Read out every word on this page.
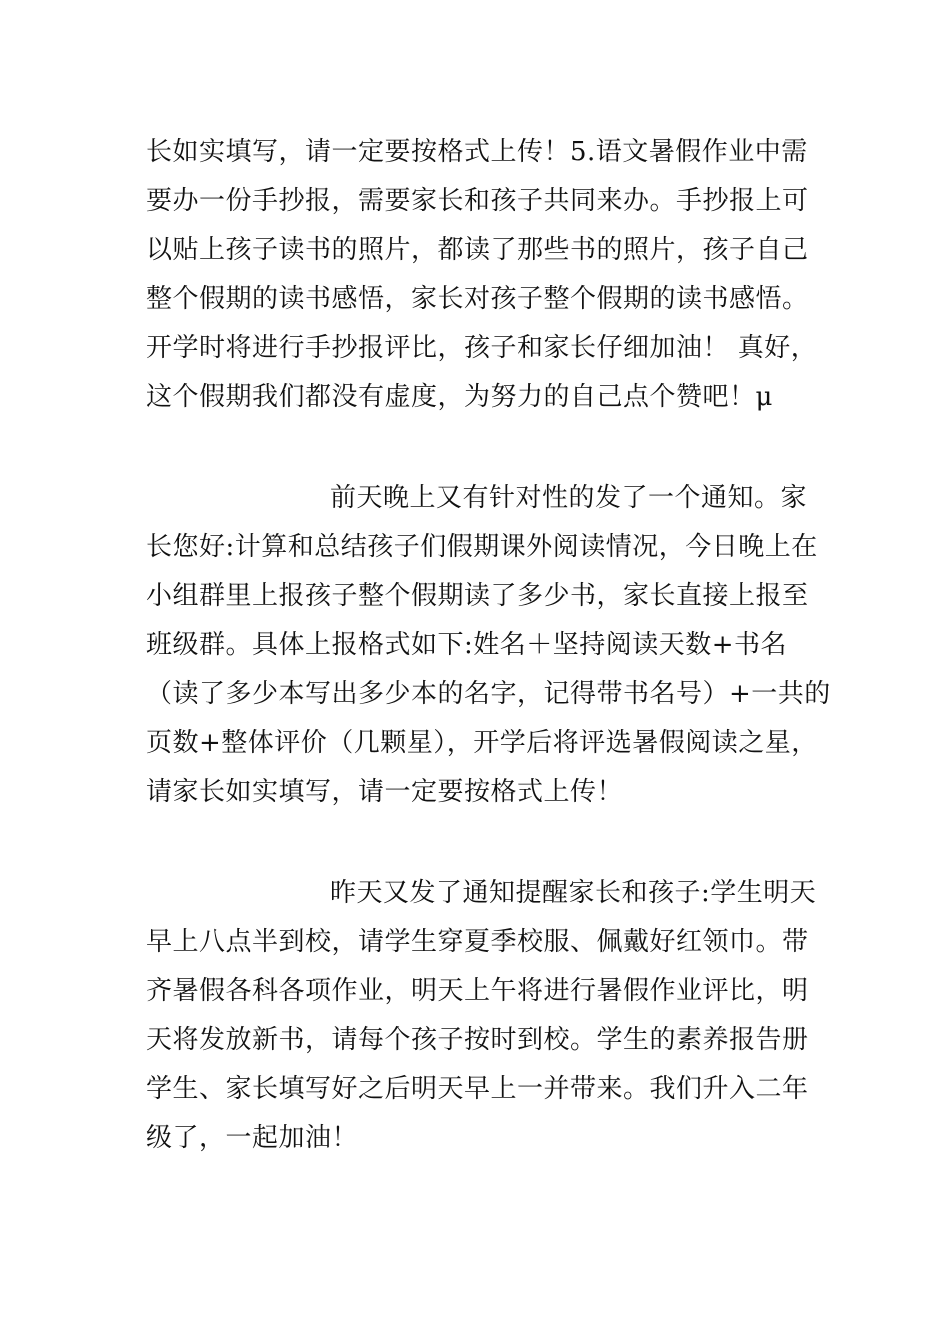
长如实填写，请一定要按格式上传！5.语文暑假作业中需
要办一份手抄报，需要家长和孩子共同来办。手抄报上可
以贴上孩子读书的照片，都读了那些书的照片，孩子自己
整个假期的读书感悟，家长对孩子整个假期的读书感悟。
开学时将进行手抄报评比，孩子和家长仔细加油！ 真好，
这个假期我们都没有虚度，为努力的自己点个赞吧！μ
前天晚上又有针对性的发了一个通知。家
长您好:计算和总结孩子们假期课外阅读情况，今日晚上在
小组群里上报孩子整个假期读了多少书，家长直接上报至
班级群。具体上报格式如下:姓名＋坚持阅读天数+书名
（读了多少本写出多少本的名字，记得带书名号）+一共的
页数+整体评价（几颗星），开学后将评选暑假阅读之星，
请家长如实填写，请一定要按格式上传！
昨天又发了通知提醒家长和孩子:学生明天
早上八点半到校，请学生穿夏季校服、佩戴好红领巾。带
齐暑假各科各项作业，明天上午将进行暑假作业评比，明
天将发放新书，请每个孩子按时到校。学生的素养报告册
学生、家长填写好之后明天早上一并带来。我们升入二年
级了，一起加油！
